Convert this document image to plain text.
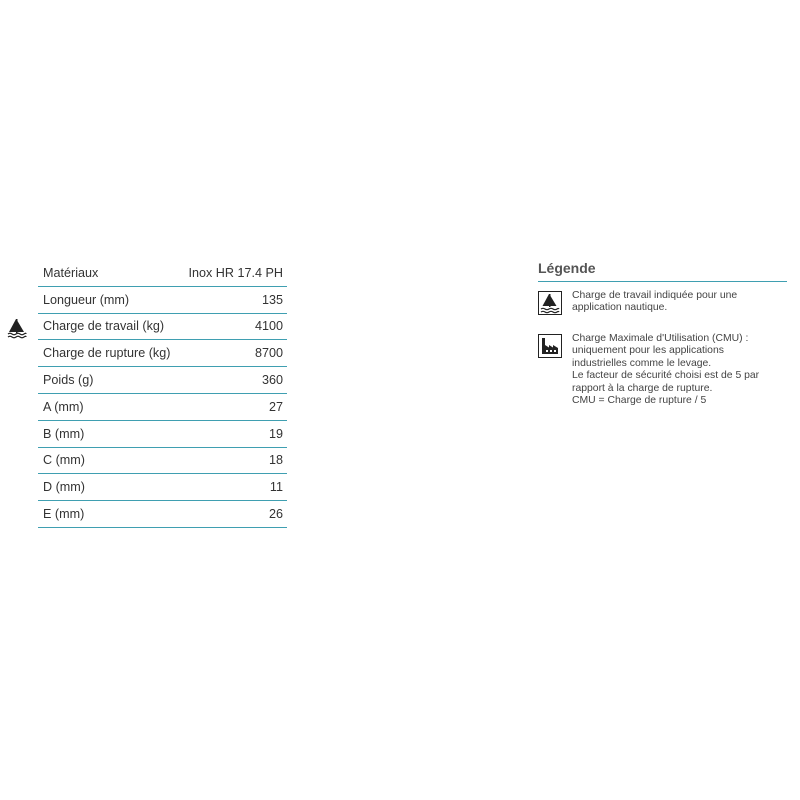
Matériaux	Inox HR 17.4 PH
Longueur (mm)	135
Charge de travail (kg)	4100
Charge de rupture (kg)	8700
Poids (g)	360
A (mm)	27
B (mm)	19
C (mm)	18
D (mm)	11
E (mm)	26
Légende
Charge de travail indiquée pour une
application nautique.
Charge Maximale d'Utilisation (CMU) :
uniquement pour les applications
industrielles comme le levage.
Le facteur de sécurité choisi est de 5 par
rapport à la charge de rupture.
CMU = Charge de rupture / 5
